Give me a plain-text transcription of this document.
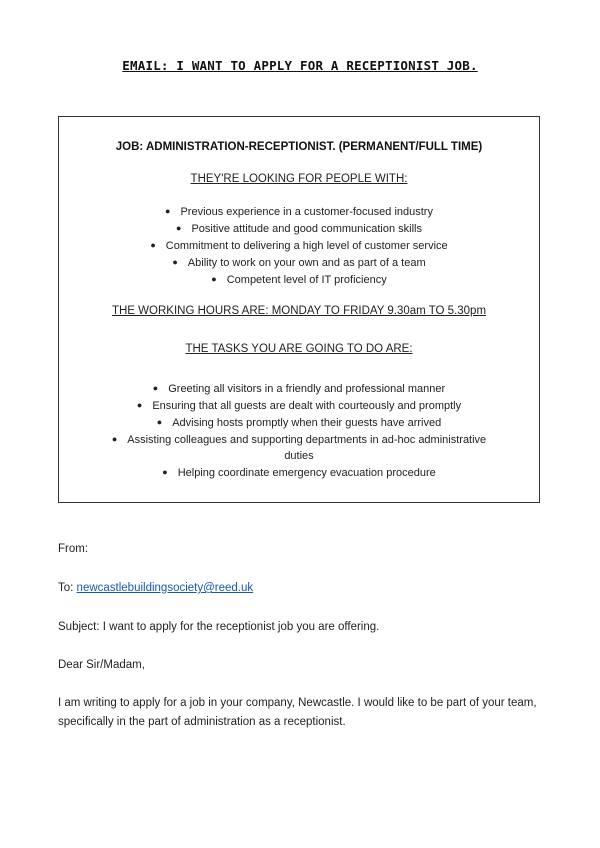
EMAIL: I WANT TO APPLY FOR A RECEPTIONIST JOB.
JOB: ADMINISTRATION-RECEPTIONIST. (PERMANENT/FULL TIME)
THEY'RE LOOKING FOR PEOPLE WITH:
● Previous experience in a customer-focused industry
● Positive attitude and good communication skills
● Commitment to delivering a high level of customer service
● Ability to work on your own and as part of a team
● Competent level of IT proficiency
THE WORKING HOURS ARE: MONDAY TO FRIDAY 9.30am TO 5.30pm
THE TASKS YOU ARE GOING TO DO ARE:
● Greeting all visitors in a friendly and professional manner
● Ensuring that all guests are dealt with courteously and promptly
● Advising hosts promptly when their guests have arrived
● Assisting colleagues and supporting departments in ad-hoc administrative duties
● Helping coordinate emergency evacuation procedure
From:
To: newcastlebuildingsociety@reed.uk
Subject: I want to apply for the receptionist job you are offering.
Dear Sir/Madam,
I am writing to apply for a job in your company, Newcastle. I would like to be part of your team, specifically in the part of administration as a receptionist.
